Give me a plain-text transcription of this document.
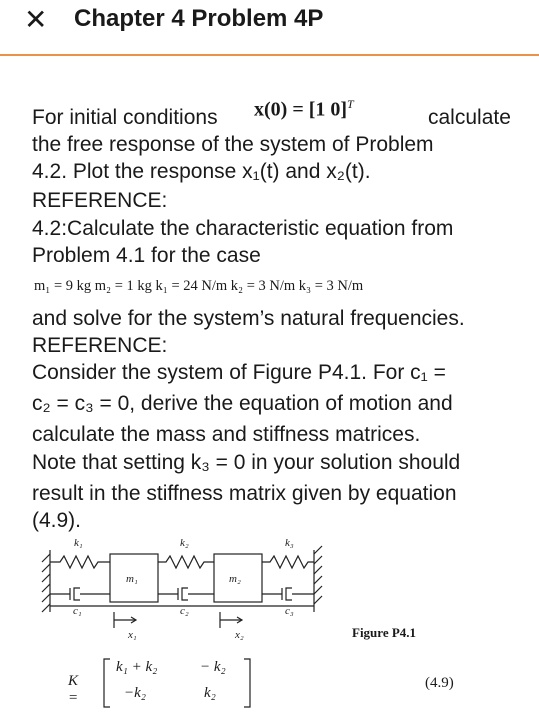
✕ Chapter 4 Problem 4P
For initial conditions	x(0) = [1 0]$^T$
calculate
the free response of the system of Problem
4.2. Plot the response x₁(t) and x₂(t).
REFERENCE:
4.2:Calculate the characteristic equation from
Problem 4.1 for the case
m₁ = 9 kg m₂ = 1 kg k₁ = 24 N/m k₂ = 3 N/m k₃ = 3 N/m
and solve for the system’s natural frequencies.
REFERENCE:
Consider the system of Figure P4.1. For c₁ =
c₂ = c₃ = 0, derive the equation of motion and
calculate the mass and stiffness matrices.
Note that setting k₃ = 0 in your solution should
result in the stiffness matrix given by equation
(4.9).
k₁	k₂	k₃
m₁	m₂
c₁	c₂	c₃
x₁	x₂	Figure P4.1
K =
k₁ + k₂	− k₂
−k₂	k₂
(4.9)
